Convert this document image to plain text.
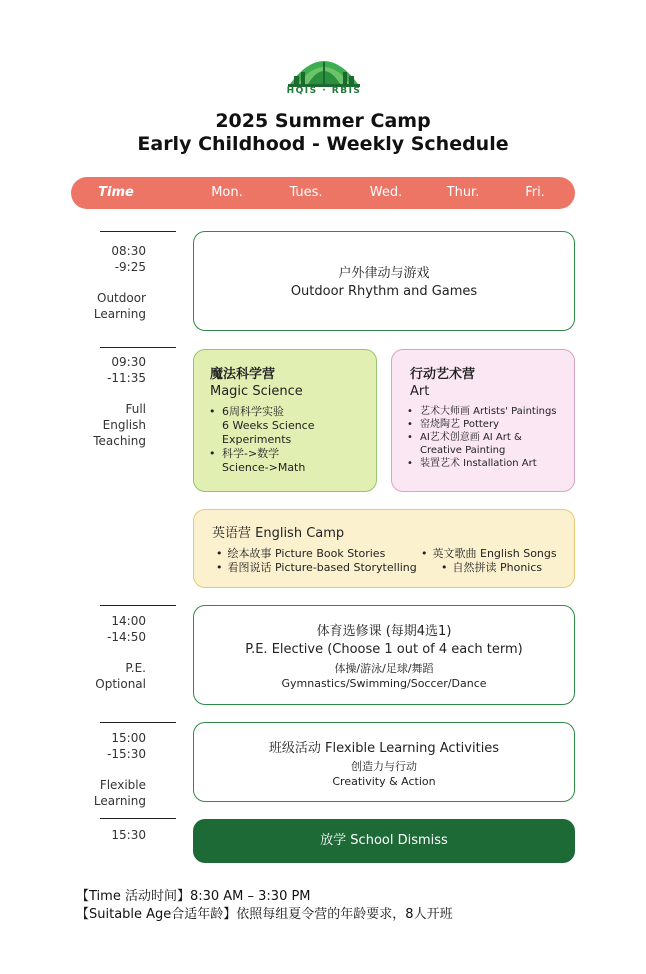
HQIS · RBIS
2025 Summer Camp
Early Childhood - Weekly Schedule
Time	Mon.	Tues.	Wed.	Thur.	Fri.
08:30
-9:25
Outdoor
Learning
户外律动与游戏
Outdoor Rhythm and Games
09:30
-11:35
Full
English
Teaching
魔法科学营
Magic Science
• 6周科学实验
6 Weeks Science
Experiments
• 科学->数学
Science->Math
行动艺术营
Art
• 艺术大师画 Artists' Paintings
• 窑烧陶艺 Pottery
• AI艺术创意画 AI Art &
Creative Painting
• 装置艺术 Installation Art
英语营 English Camp
• 绘本故事 Picture Book Stories	• 英文歌曲 English Songs
• 看图说话 Picture-based Storytelling • 自然拼读 Phonics
14:00
-14:50
P.E.
Optional
体育选修课 (每期4选1)
P.E. Elective (Choose 1 out of 4 each term)
体操/游泳/足球/舞蹈
Gymnastics/Swimming/Soccer/Dance
15:00
-15:30
Flexible
Learning
班级活动 Flexible Learning Activities
创造力与行动
Creativity & Action
15:30	放学 School Dismiss
【Time 活动时间】8:30 AM – 3:30 PM
【Suitable Age合适年龄】依照每组夏令营的年龄要求，8人开班
